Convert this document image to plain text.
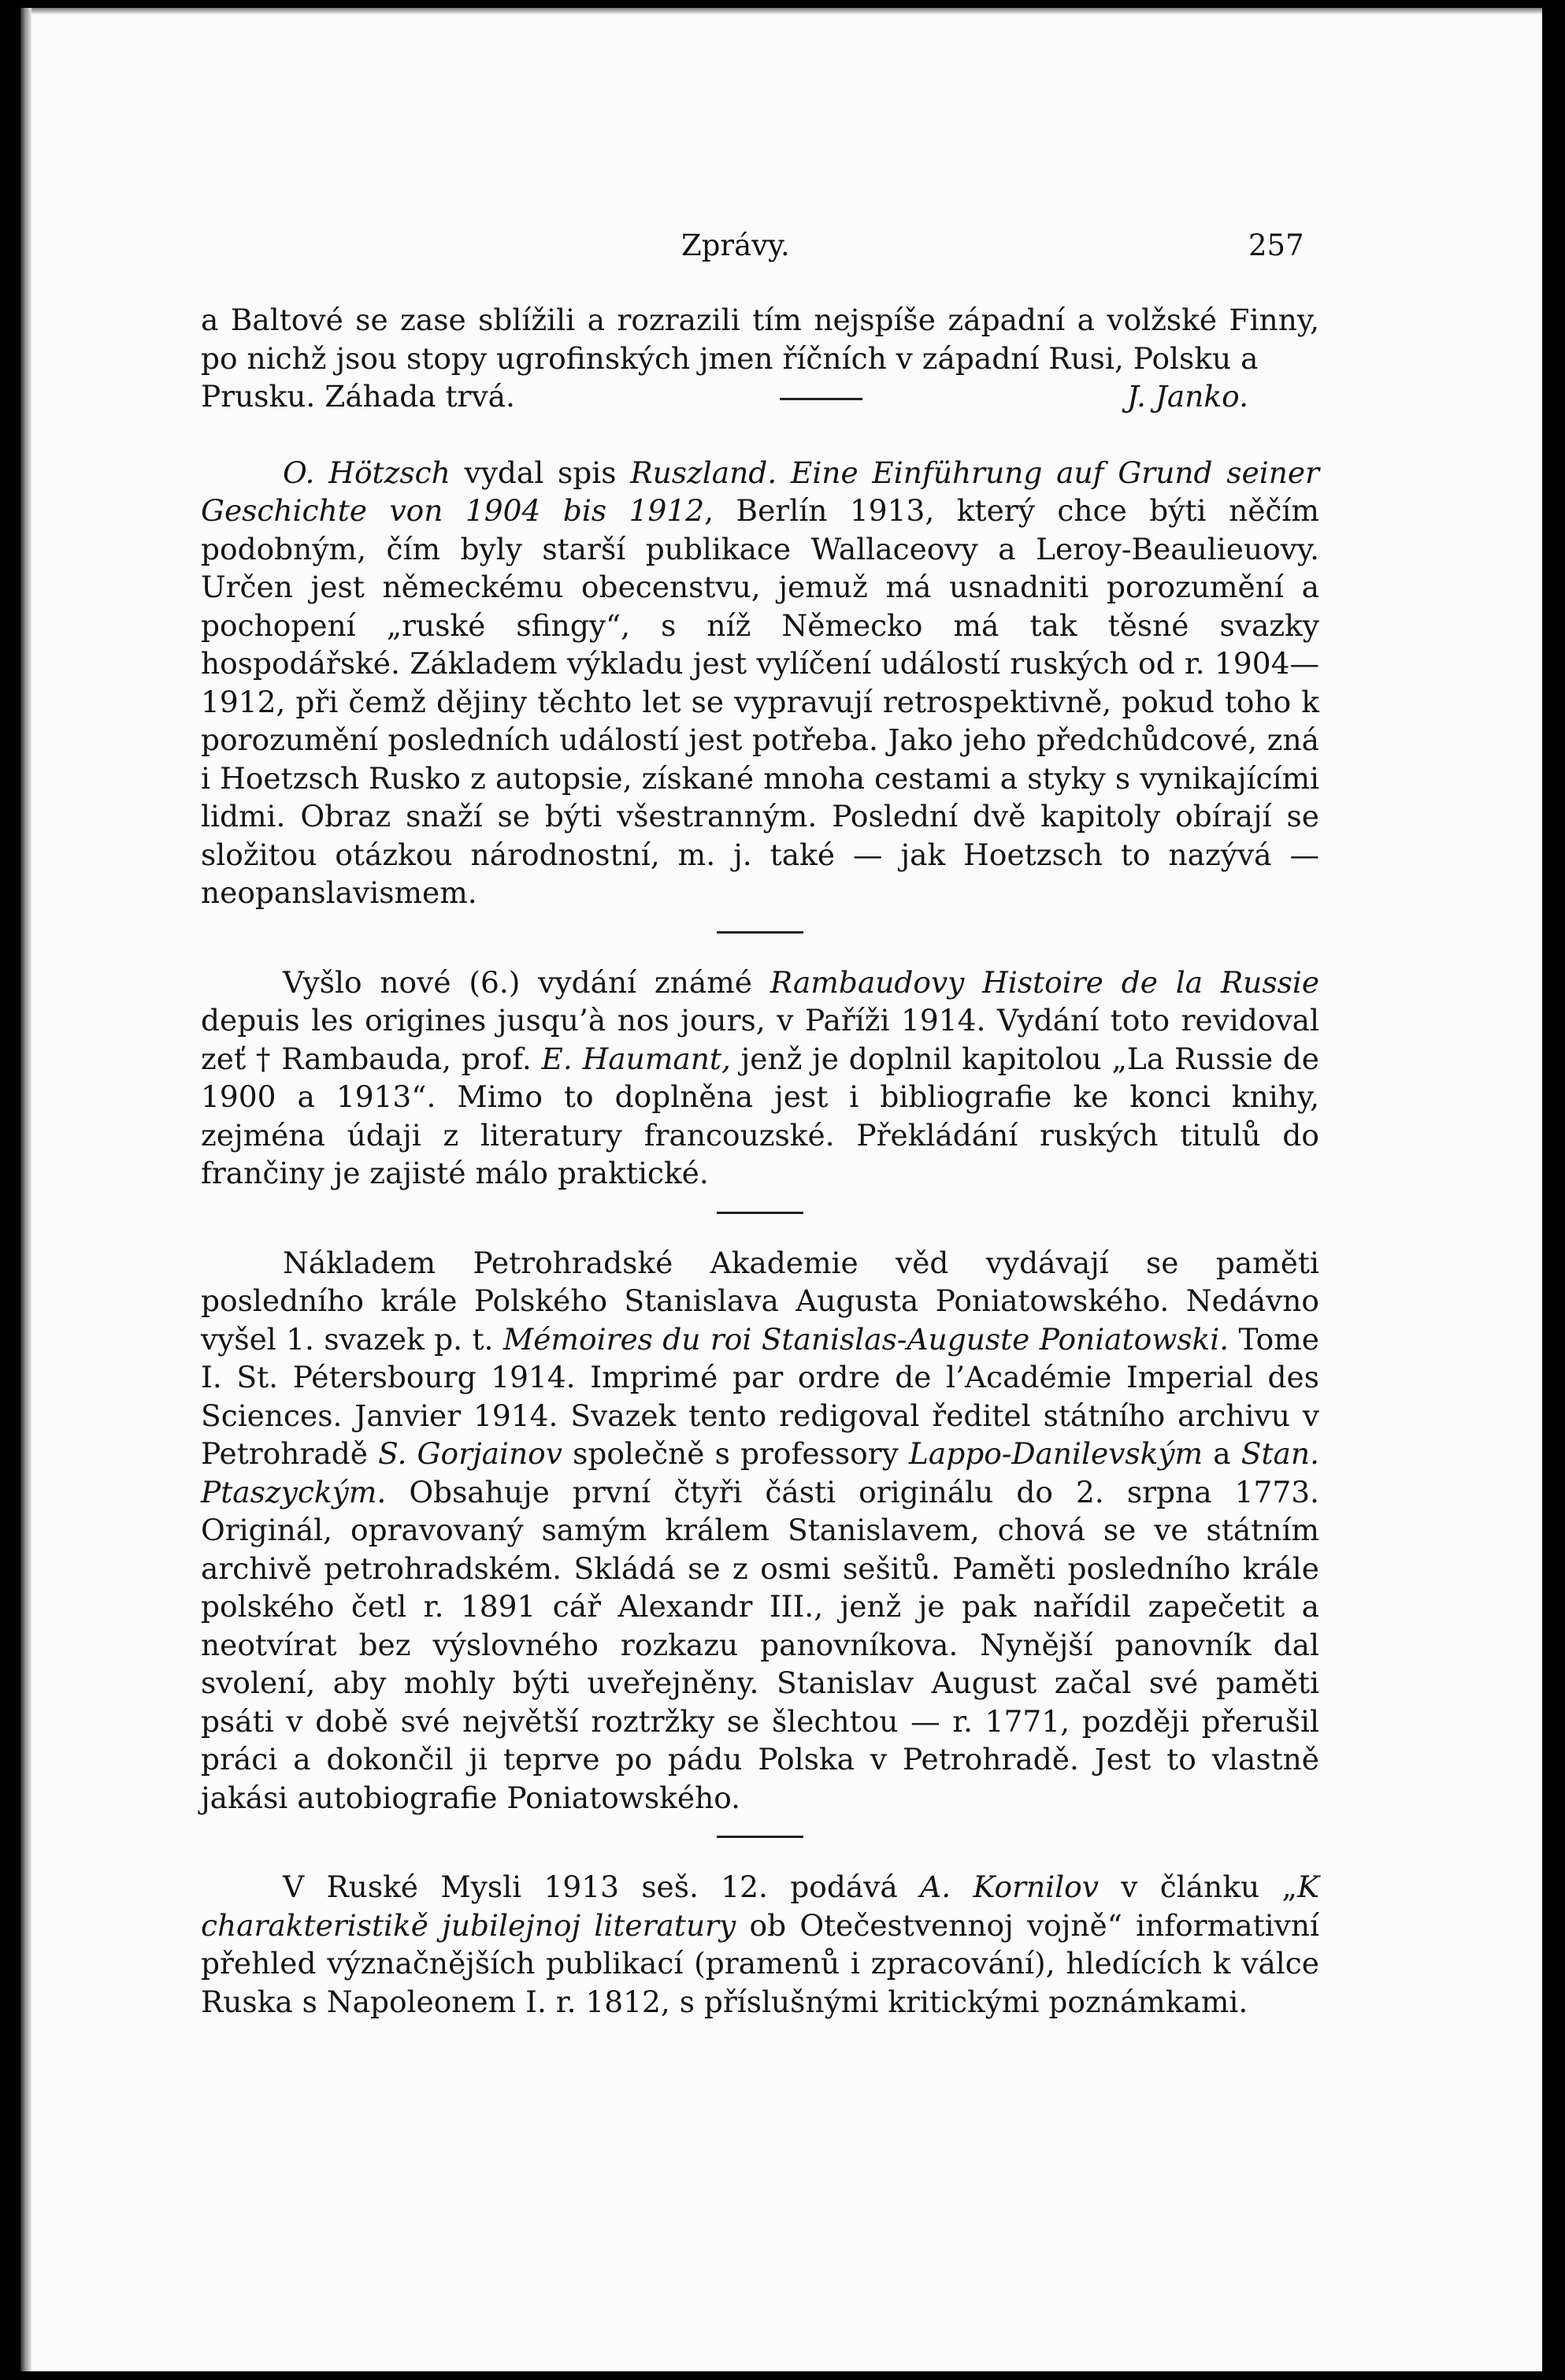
Zprávy.	257

a Baltové se zase sblížili a rozrazili tím nejspíše západní a volžské Finny, po nichž jsou stopy ugrofinských jmen říčních v západní Rusi, Polsku a

Prusku. Záhada trvá.	J. Janko.

O. Hötzsch vydal spis Ruszland. Eine Einführung auf Grund seiner Geschichte von 1904 bis 1912, Berlín 1913, který chce býti něčím podobným, čím byly starší publikace Wallaceovy a Leroy-Beaulieuovy. Určen jest německému obecenstvu, jemuž má usnadniti porozumění a pochopení „ruské sfingy“, s níž Německo má tak těsné svazky hospodářské. Základem výkladu jest vylíčení událostí ruských od r. 1904—1912, při čemž dějiny těchto let se vypravují retrospektivně, pokud toho k porozumění posledních událostí jest potřeba. Jako jeho předchůdcové, zná i Hoetzsch Rusko z autopsie, získané mnoha cestami a styky s vynikajícími lidmi. Obraz snaží se býti všestranným. Poslední dvě kapitoly obírají se složitou otázkou národnostní, m. j. také — jak Hoetzsch to nazývá — neopanslavismem.

Vyšlo nové (6.) vydání známé Rambaudovy Histoire de la Russie depuis les origines jusqu’à nos jours, v Paříži 1914. Vydání toto revidoval zeť † Rambauda, prof. E. Haumant, jenž je doplnil kapitolou „La Russie de 1900 a 1913“. Mimo to doplněna jest i bibliografie ke konci knihy, zejména údaji z literatury francouzské. Překládání ruských titulů do frančiny je zajisté málo praktické.

Nákladem Petrohradské Akademie věd vydávají se paměti posledního krále Polského Stanislava Augusta Poniatowského. Nedávno vyšel 1. svazek p. t. Mémoires du roi Stanislas-Auguste Poniatowski. Tome I. St. Pétersbourg 1914. Imprimé par ordre de l’Académie Imperial des Sciences. Janvier 1914. Svazek tento redigoval ředitel státního archivu v Petrohradě S. Gorjainov společně s professory Lappo-Danilevským a Stan. Ptaszyckým. Obsahuje první čtyři části originálu do 2. srpna 1773. Originál, opravovaný samým králem Stanislavem, chová se ve státním archivě petrohradském. Skládá se z osmi sešitů. Paměti posledního krále polského četl r. 1891 cář Alexandr III., jenž je pak nařídil zapečetit a neotvírat bez výslovného rozkazu panovníkova. Nynější panovník dal svolení, aby mohly býti uveřejněny. Stanislav August začal své paměti psáti v době své největší roztržky se šlechtou — r. 1771, později přerušil práci a dokončil ji teprve po pádu Polska v Petrohradě. Jest to vlastně jakási autobiografie Poniatowského.

V Ruské Mysli 1913 seš. 12. podává A. Kornilov v článku „K charakteristikě jubilejnoj literatury ob Otečestvennoj vojně“ informativní přehled význačnějších publikací (pramenů i zpracování), hledících k válce Ruska s Napoleonem I. r. 1812, s příslušnými kritickými poznámkami.
